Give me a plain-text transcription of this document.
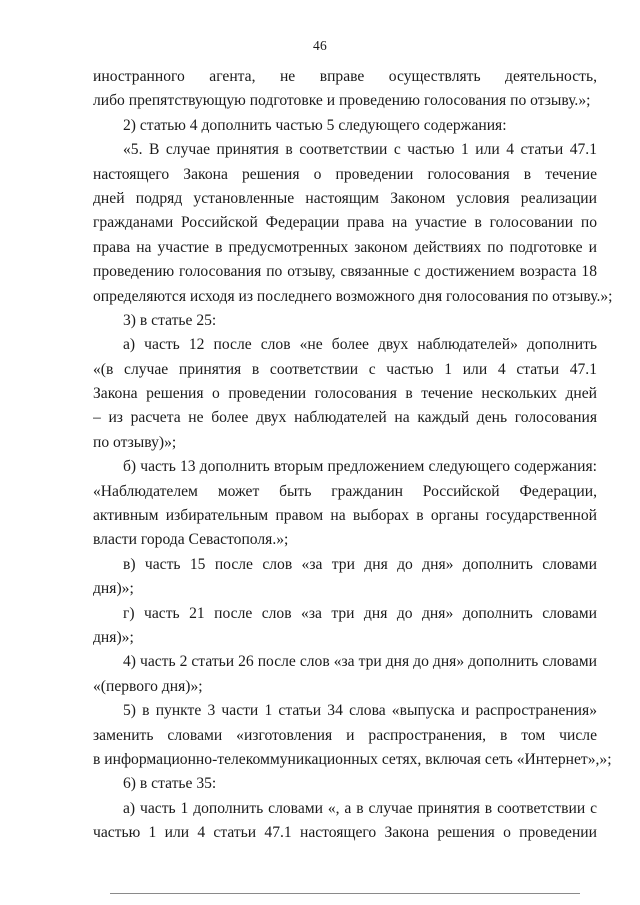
46
иностранного агента, не вправе осуществлять деятельность,
либо препятствующую подготовке и проведению голосования по отзыву.»;
2) статью 4 дополнить частью 5 следующего содержания:
«5. В случае принятия в соответствии с частью 1 или 4 статьи 47.1
настоящего Закона решения о проведении голосования в течение
дней подряд установленные настоящим Законом условия реализации
гражданами Российской Федерации права на участие в голосовании по
права на участие в предусмотренных законом действиях по подготовке и
проведению голосования по отзыву, связанные с достижением возраста 18
определяются исходя из последнего возможного дня голосования по отзыву.»;
3) в статье 25:
а) часть 12 после слов «не более двух наблюдателей» дополнить
«(в случае принятия в соответствии с частью 1 или 4 статьи 47.1
Закона решения о проведении голосования в течение нескольких дней
– из расчета не более двух наблюдателей на каждый день голосования
по отзыву)»;
б) часть 13 дополнить вторым предложением следующего содержания:
«Наблюдателем может быть гражданин Российской Федерации,
активным избирательным правом на выборах в органы государственной
власти города Севастополя.»;
в) часть 15 после слов «за три дня до дня» дополнить словами
дня)»;
г) часть 21 после слов «за три дня до дня» дополнить словами
дня)»;
4) часть 2 статьи 26 после слов «за три дня до дня» дополнить словами
«(первого дня)»;
5) в пункте 3 части 1 статьи 34 слова «выпуска и распространения»
заменить словами «изготовления и распространения, в том числе
в информационно-телекоммуникационных сетях, включая сеть «Интернет»,»;
6) в статье 35:
а) часть 1 дополнить словами «, а в случае принятия в соответствии с
частью 1 или 4 статьи 47.1 настоящего Закона решения о проведении
